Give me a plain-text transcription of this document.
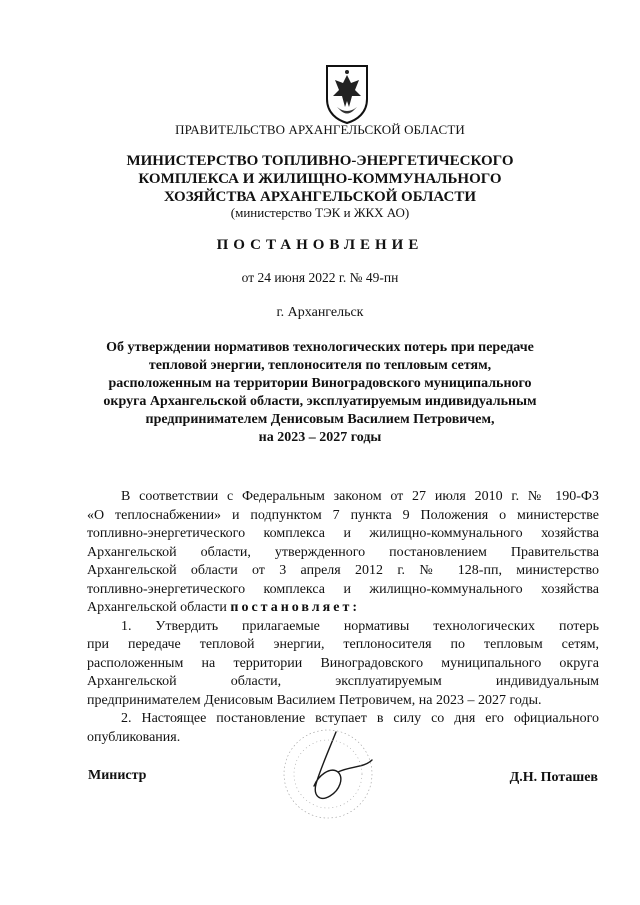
ПРАВИТЕЛЬСТВО АРХАНГЕЛЬСКОЙ ОБЛАСТИ
МИНИСТЕРСТВО ТОПЛИВНО-ЭНЕРГЕТИЧЕСКОГО
КОМПЛЕКСА И ЖИЛИЩНО-КОММУНАЛЬНОГО
ХОЗЯЙСТВА АРХАНГЕЛЬСКОЙ ОБЛАСТИ
(министерство ТЭК и ЖКХ АО)
ПОСТАНОВЛЕНИЕ
от 24 июня 2022 г. № 49-пн
г. Архангельск
Об утверждении нормативов технологических потерь при передаче
тепловой энергии, теплоносителя по тепловым сетям,
расположенным на территории Виноградовского муниципального
округа Архангельской области, эксплуатируемым индивидуальным
предпринимателем Денисовым Василием Петровичем,
на 2023 – 2027 годы
В соответствии с Федеральным законом от 27 июля 2010 г. № 190-ФЗ
«О теплоснабжении» и подпунктом 7 пункта 9 Положения о министерстве
топливно-энергетического комплекса и жилищно-коммунального хозяйства
Архангельской области, утвержденного постановлением Правительства
Архангельской области от 3 апреля 2012 г. № 128-пп, министерство
топливно-энергетического комплекса и жилищно-коммунального хозяйства
Архангельской области постановляет:
1. Утвердить прилагаемые нормативы технологических потерь
при передаче тепловой энергии, теплоносителя по тепловым сетям,
расположенным на территории Виноградовского муниципального округа
Архангельской области, эксплуатируемым индивидуальным
предпринимателем Денисовым Василием Петровичем, на 2023 – 2027 годы.
2. Настоящее постановление вступает в силу со дня его официального
опубликования.
Министр	Д.Н. Поташев
